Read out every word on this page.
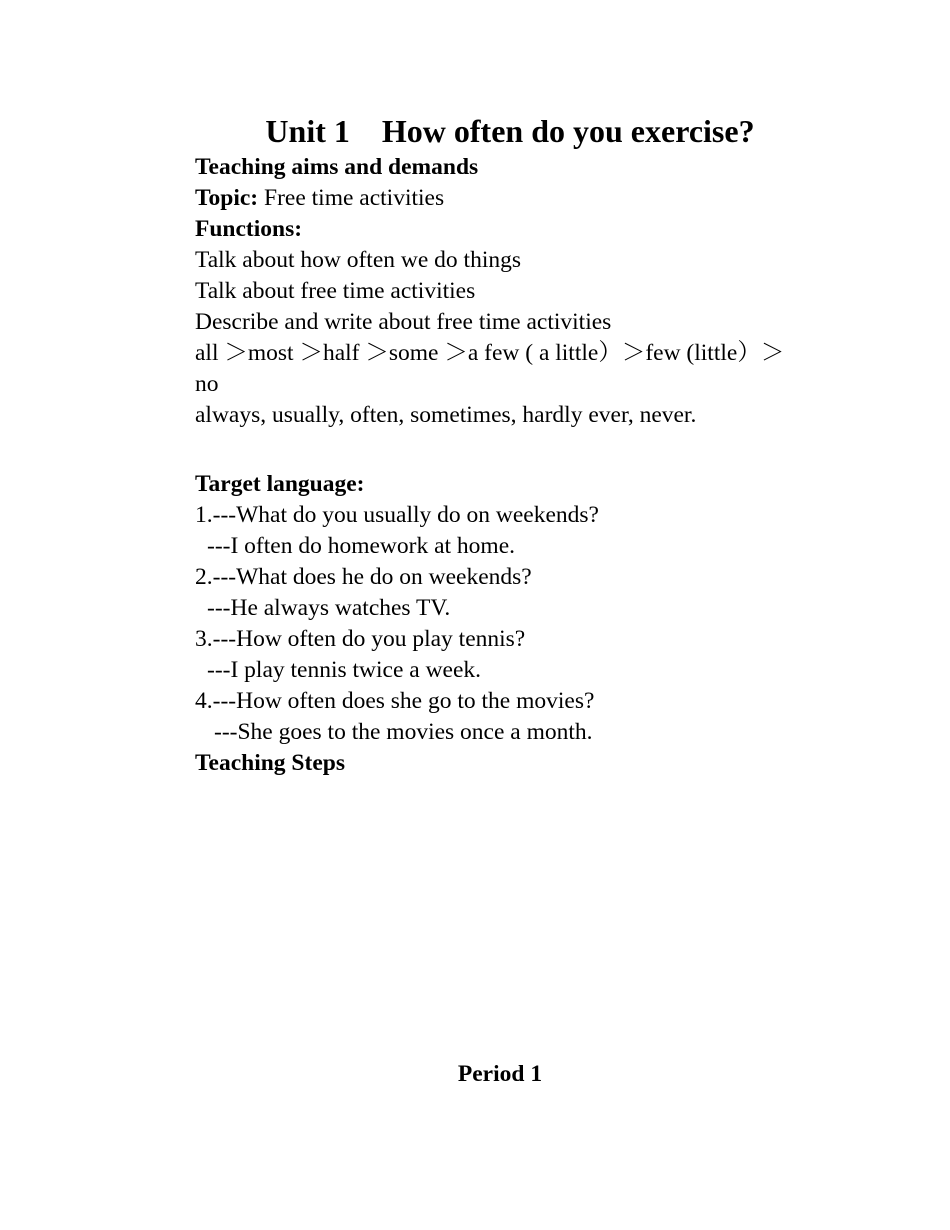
Unit 1    How often do you exercise?
Teaching aims and demands
Topic: Free time activities
Functions:
Talk about how often we do things
Talk about free time activities
Describe and write about free time activities
all ＞most ＞half ＞some ＞a few ( a little）＞few (little）＞ no
always, usually, often, sometimes, hardly ever, never.
Target language:
1.---What do you usually do on weekends?
---I often do homework at home.
2.---What does he do on weekends?
---He always watches TV.
3.---How often do you play tennis?
---I play tennis twice a week.
4.---How often does she go to the movies?
---She goes to the movies once a month.
Teaching Steps
Period 1
